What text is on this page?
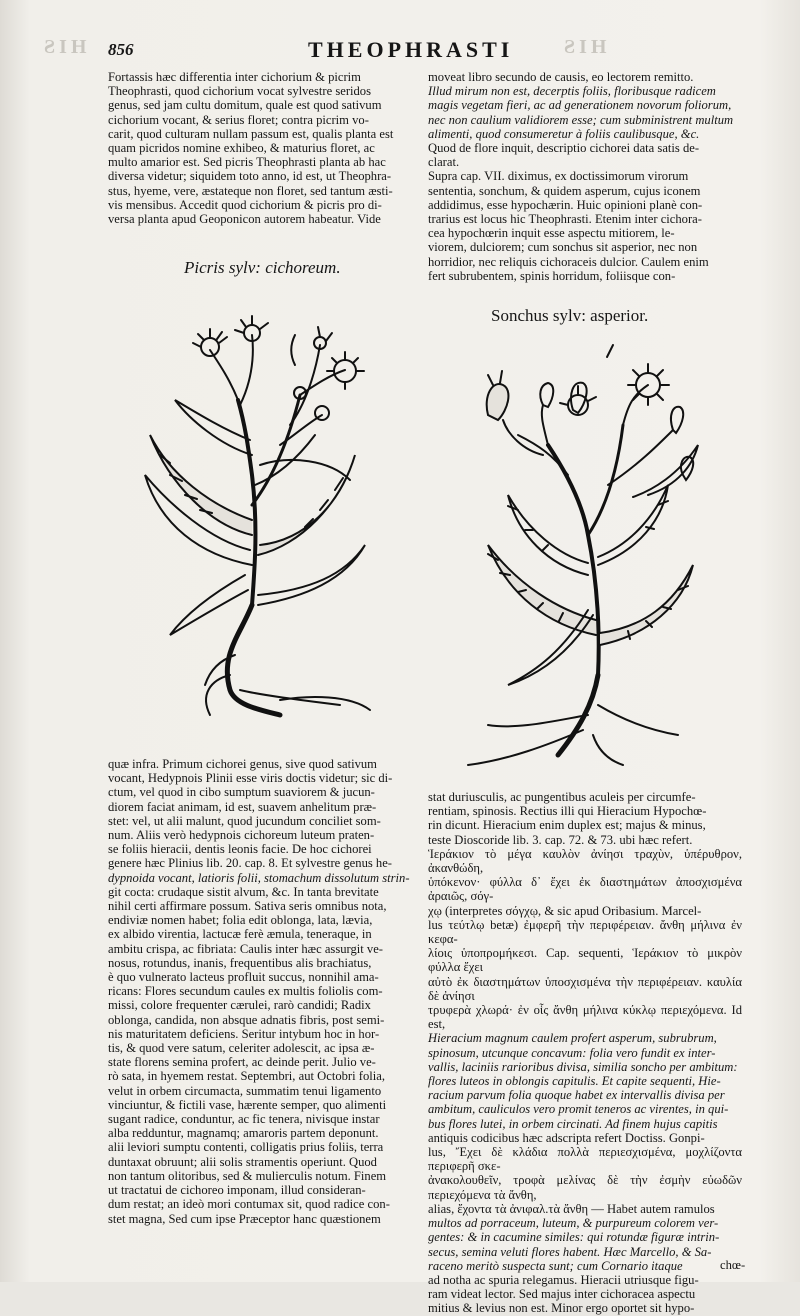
HIS	HIS
856	THEOPHRASTI

Fortassis hæc differentia inter cichorium & picrim

Theophrasti, quod cichorium vocat sylvestre seridos

genus, sed jam cultu domitum, quale est quod sativum

cichorium vocant, & serius floret; contra picrim vo-

carit, quod culturam nullam passum est, qualis planta est

quam picridos nomine exhibeo, & maturius floret, ac

multo amarior est. Sed picris Theophrasti planta ab hac

diversa videtur; siquidem toto anno, id est, ut Theophra-

stus, hyeme, vere, æstateque non floret, sed tantum æsti-

vis mensibus. Accedit quod cichorium & picris pro di-

versa planta apud Geoponicon autorem habeatur. Vide

moveat libro secundo de causis, eo lectorem remitto.

Illud mirum non est, decerptis foliis, floribusque radicem

magis vegetam fieri, ac ad generationem novorum foliorum,

nec non caulium validiorem esse; cum subministrent multum

alimenti, quod consumeretur à foliis caulibusque, &c.

Quod de flore inquit, descriptio cichorei data satis de-

clarat.

Supra cap. VII. diximus, ex doctissimorum virorum

sententia, sonchum, & quidem asperum, cujus iconem

addidimus, esse hypochærin. Huic opinioni planè con-

trarius est locus hic Theophrasti. Etenim inter cichora-

cea hypochœrin inquit esse aspectu mitiorem, le-

viorem, dulciorem; cum sonchus sit asperior, nec non

horridior, nec reliquis cichoraceis dulcior. Caulem enim

fert subrubentem, spinis horridum, foliisque con-

Picris sylv: cichoreum.
Sonchus sylv: asperior.

quæ infra. Primum cichorei genus, sive quod sativum

vocant, Hedypnois Plinii esse viris doctis videtur; sic di-

ctum, vel quod in cibo sumptum suaviorem & jucun-

diorem faciat animam, id est, suavem anhelitum præ-

stet: vel, ut alii malunt, quod jucundum conciliet som-

num. Aliis verò hedypnois cichoreum luteum praten-

se foliis hieracii, dentis leonis facie. De hoc cichorei

genere hæc Plinius lib. 20. cap. 8. Et sylvestre genus he-

dypnoida vocant, latioris folii, stomachum dissolutum strin-

git cocta: crudaque sistit alvum, &c. In tanta brevitate

nihil certi affirmare possum. Sativa seris omnibus nota,

endiviæ nomen habet; folia edit oblonga, lata, lævia,

ex albido virentia, lactucæ ferè æmula, teneraque, in

ambitu crispa, ac fibriata: Caulis inter hæc assurgit ve-

nosus, rotundus, inanis, frequentibus alis brachiatus,

è quo vulnerato lacteus profluit succus, nonnihil ama-

ricans: Flores secundum caules ex multis foliolis com-

missi, colore frequenter cærulei, rarò candidi; Radix

oblonga, candida, non absque adnatis fibris, post semi-

nis maturitatem deficiens. Seritur intybum hoc in hor-

tis, & quod vere satum, celeriter adolescit, ac ipsa æ-

state florens semina profert, ac deinde perit. Julio ve-

rò sata, in hyemem restat. Septembri, aut Octobri folia,

velut in orbem circumacta, summatim tenui ligamento

vinciuntur, & fictili vase, hærente semper, quo alimenti

sugant radice, conduntur, ac fic tenera, nivisque instar

alba redduntur, magnamq; amaroris partem deponunt.

alii leviori sumptu contenti, colligatis prius foliis, terra

duntaxat obruunt; alii solis stramentis operiunt. Quod

non tantum olitoribus, sed & mulierculis notum. Finem

ut tractatui de cichoreo imponam, illud consideran-

dum restat; an ideò mori contumax sit, quod radice con-

stet magna, Sed cum ipse Præceptor hanc quæstionem

stat duriusculis, ac pungentibus aculeis per circumfe-

rentiam, spinosis. Rectius illi qui Hieracium Hypochœ-

rin dicunt. Hieracium enim duplex est; majus & minus,

teste Dioscoride lib. 3. cap. 72. & 73. ubi hæc refert.

Ἱεράκιον τὸ μέγα καυλὸν ἀνίησι τραχὺν, ὑπέρυθρον, ἀκανθώδη,

ὑπόκενον· φύλλα δ᾽ ἔχει ἐκ διαστημάτων ἀποσχισμένα ἀραιῶς, σόγ-

χῳ (interpretes σόγχῳ, & sic apud Oribasium. Marcel-

lus τεύτλῳ betæ) ἐμφερῆ τὴν περιφέρειαν. ἄνθη μήλινα ἐν κεφα-

λίοις ὑποπρομήκεσι. Cap. sequenti, Ἱεράκιον τὸ μικρὸν φύλλα ἔχει

αὐτὸ ἐκ διαστημάτων ὑποσχισμένα τὴν περιφέρειαν. καυλία δὲ ἀνίησι

τρυφερὰ χλωρά· ἐν οἷς ἄνθη μήλινα κύκλῳ περιεχόμενα. Id est,

Hieracium magnum caulem profert asperum, subrubrum,

spinosum, utcunque concavum: folia vero fundit ex inter-

vallis, laciniis rarioribus divisa, similia soncho per ambitum:

flores luteos in oblongis capitulis. Et capite sequenti, Hie-

racium parvum folia quoque habet ex intervallis divisa per

ambitum, cauliculos vero promit teneros ac virentes, in qui-

bus flores lutei, in orbem circinati. Ad finem hujus capitis

antiquis codicibus hæc adscripta refert Doctiss. Gonpi-

lus, Ἔχει δὲ κλάδια πολλὰ περιεσχισμένα, μοχλίζοντα περιφερῆ σκε-

ἀνακολουθεῖν, τροφὰ μελίνας δὲ τὴν ἐσμὴν εὐωδῶν περιεχόμενα τὰ ἄνθη,

alias, ἔχοντα τὰ ἀνιφαλ.τὰ ἄνθη — Habet autem ramulos

multos ad porraceum, luteum, & purpureum colorem ver-

gentes: & in cacumine similes: qui rotundæ figuræ intrin-

secus, semina veluti flores habent. Hæc Marcello, & Sa-

raceno meritò suspecta sunt; cum Cornario itaque

ad notha ac spuria relegamus. Hieracii utriusque figu-

ram videat lector. Sed majus inter cichoracea aspectu

mitius & levius non est. Minor ergo oportet sit hypo-

chœ-
